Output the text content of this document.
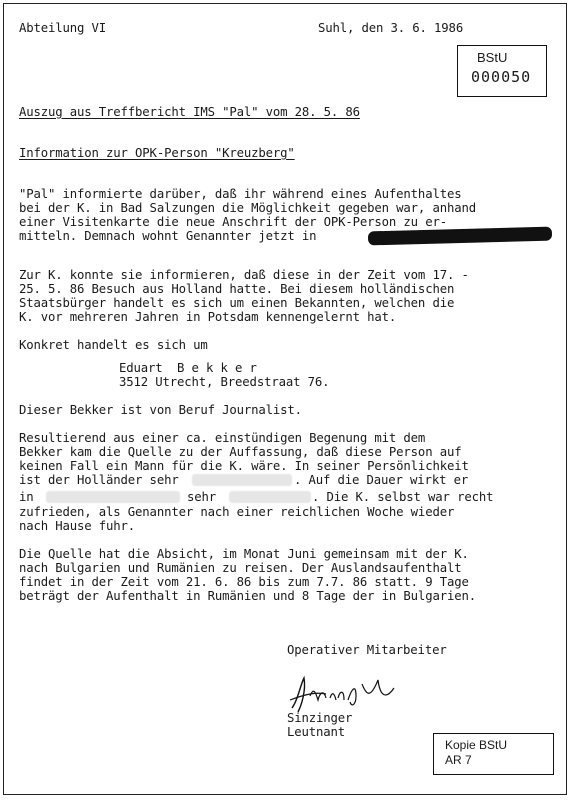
Abteilung VI	Suhl, den 3. 6. 1986
BStU
000050
Auszug aus Treffbericht IMS "Pal" vom 28. 5. 86
Information zur OPK-Person "Kreuzberg"
"Pal" informierte darüber, daß ihr während eines Aufenthaltes
bei der K. in Bad Salzungen die Möglichkeit gegeben war, anhand
einer Visitenkarte die neue Anschrift der OPK-Person zu er-
mitteln. Demnach wohnt Genannter jetzt in
Zur K. konnte sie informieren, daß diese in der Zeit vom 17. -
25. 5. 86 Besuch aus Holland hatte. Bei diesem holländischen
Staatsbürger handelt es sich um einen Bekannten, welchen die
K. vor mehreren Jahren in Potsdam kennengelernt hat.
Konkret handelt es sich um
Eduart  B e k k e r
3512 Utrecht, Breedstraat 76.
Dieser Bekker ist von Beruf Journalist.
Resultierend aus einer ca. einstündigen Begenung mit dem
Bekker kam die Quelle zu der Auffassung, daß diese Person auf
keinen Fall ein Mann für die K. wäre. In seiner Persönlichkeit
ist der Holländer sehr	. Auf die Dauer wirkt er
in	sehr	. Die K. selbst war recht
zufrieden, als Genannter nach einer reichlichen Woche wieder
nach Hause fuhr.
Die Quelle hat die Absicht, im Monat Juni gemeinsam mit der K.
nach Bulgarien und Rumänien zu reisen. Der Auslandsaufenthalt
findet in der Zeit vom 21. 6. 86 bis zum 7.7. 86 statt. 9 Tage
beträgt der Aufenthalt in Rumänien und 8 Tage der in Bulgarien.
Operativer Mitarbeiter
Sinzinger
Leutnant
Kopie BStU
AR 7
